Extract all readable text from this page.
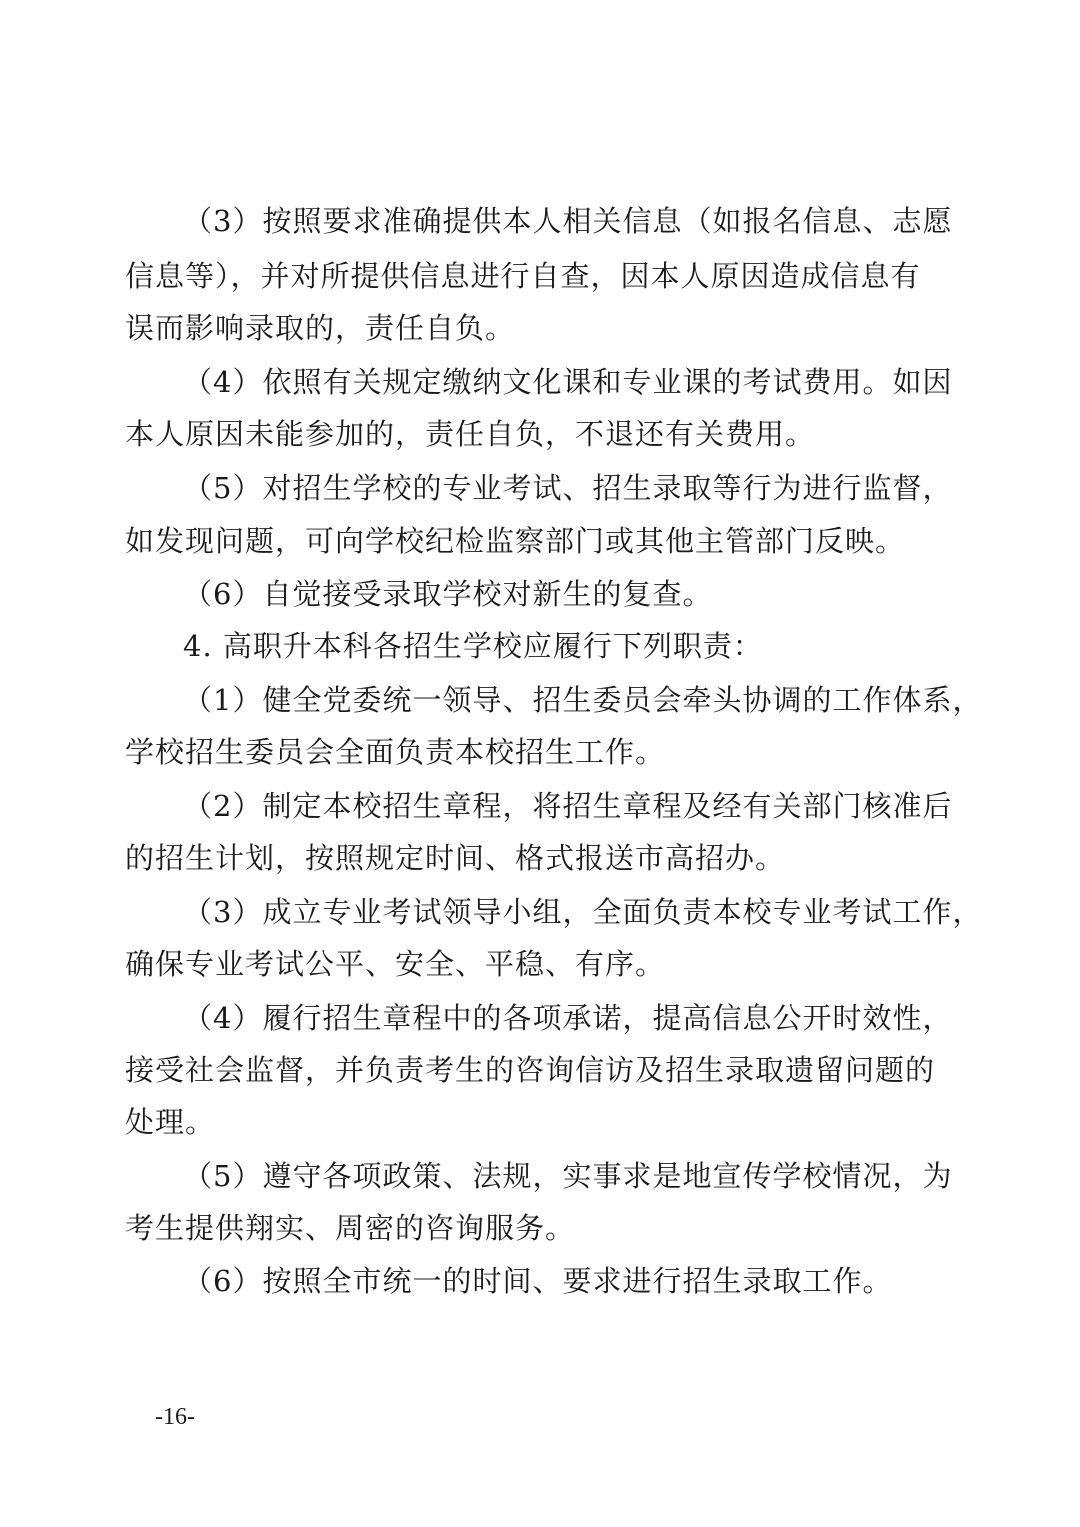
（3）按照要求准确提供本人相关信息（如报名信息、志愿
信息等），并对所提供信息进行自查，因本人原因造成信息有
误而影响录取的，责任自负。
（4）依照有关规定缴纳文化课和专业课的考试费用。如因
本人原因未能参加的，责任自负，不退还有关费用。
（5）对招生学校的专业考试、招生录取等行为进行监督，
如发现问题，可向学校纪检监察部门或其他主管部门反映。
（6）自觉接受录取学校对新生的复查。
4. 高职升本科各招生学校应履行下列职责：
（1）健全党委统一领导、招生委员会牵头协调的工作体系，
学校招生委员会全面负责本校招生工作。
（2）制定本校招生章程，将招生章程及经有关部门核准后
的招生计划，按照规定时间、格式报送市高招办。
（3）成立专业考试领导小组，全面负责本校专业考试工作，
确保专业考试公平、安全、平稳、有序。
（4）履行招生章程中的各项承诺，提高信息公开时效性，
接受社会监督，并负责考生的咨询信访及招生录取遗留问题的
处理。
（5）遵守各项政策、法规，实事求是地宣传学校情况，为
考生提供翔实、周密的咨询服务。
（6）按照全市统一的时间、要求进行招生录取工作。
-16-
